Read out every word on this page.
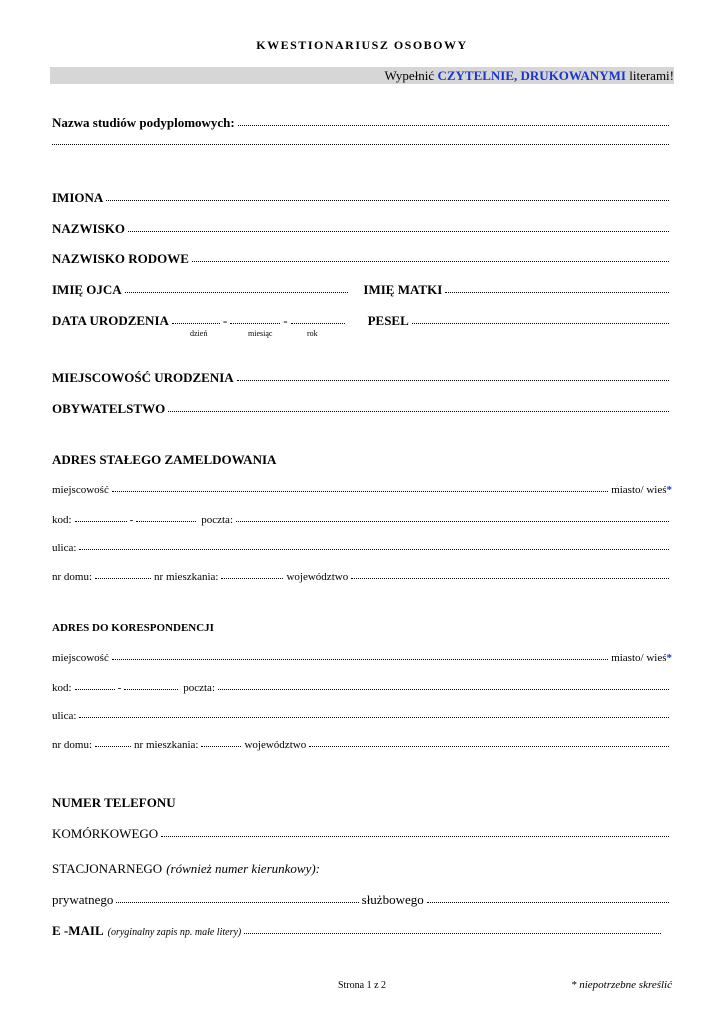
KWESTIONARIUSZ OSOBOWY
Wypełnić CZYTELNIE, DRUKOWANYMI literami!
Nazwa studiów podyplomowych:
IMIONA
NAZWISKO
NAZWISKO RODOWE
IMIĘ OJCA	IMIĘ MATKI
DATA URODZENIA	-	-	PESEL
dzień	miesiąc	rok
MIEJSCOWOŚĆ URODZENIA
OBYWATELSTWO
ADRES STAŁEGO ZAMELDOWANIA
miejscowość	miasto/ wieś *
kod:	-	poczta:
ulica:
nr domu:	nr mieszkania:	województwo
ADRES DO KORESPONDENCJI
miejscowość	miasto/ wieś *
kod:	-	poczta:
ulica:
nr domu:	nr mieszkania:	województwo
NUMER TELEFONU
KOMÓRKOWEGO
STACJONARNEGO (również numer kierunkowy):
prywatnego	służbowego
E -MAIL (oryginalny zapis np. małe litery)
Strona 1 z 2	* niepotrzebne skreślić
